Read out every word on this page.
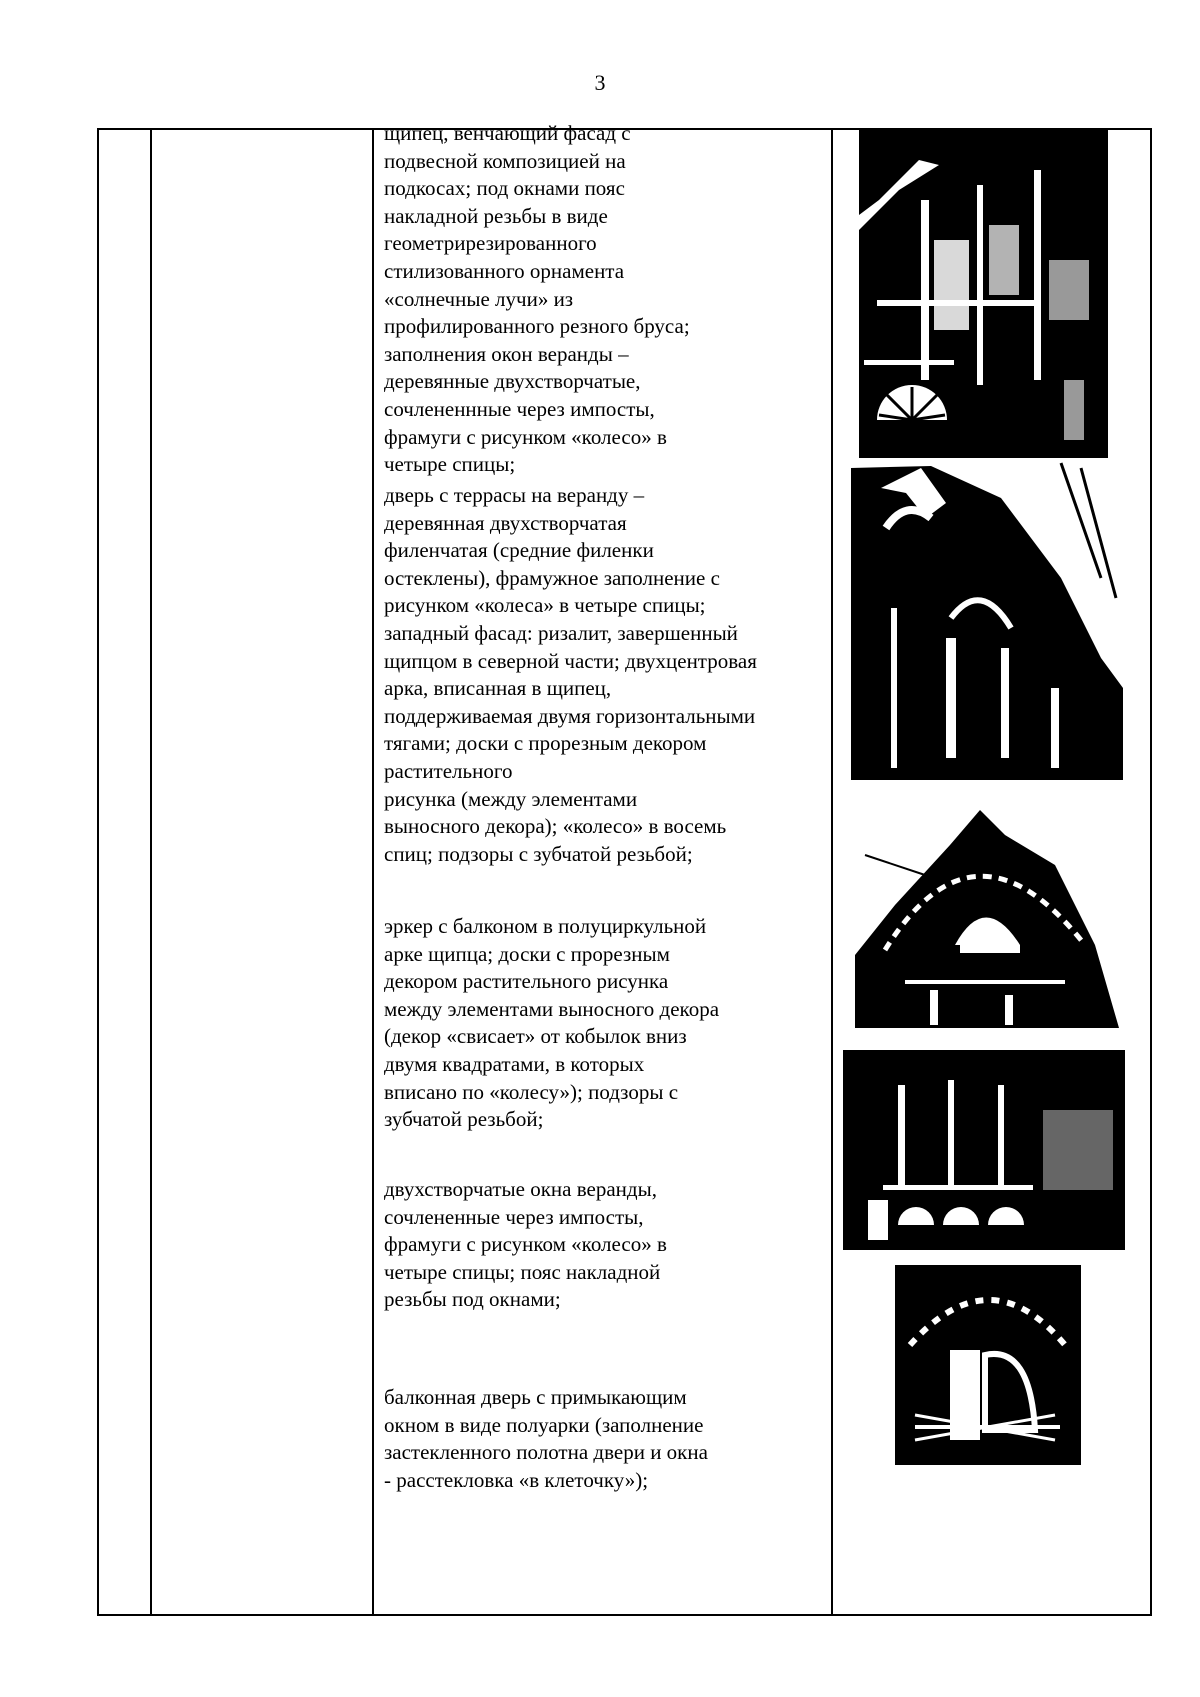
3

щипец, венчающий фасад с
подвесной композицией на
подкосах; под окнами пояс
накладной резьбы в виде
геометрирезированного
стилизованного орнамента
«солнечные лучи» из
профилированного резного бруса;
заполнения окон веранды –
деревянные двухстворчатые,
сочлененнные через импосты,
фрамуги с рисунком «колесо» в
четыре спицы;
дверь с террасы на веранду –
деревянная двухстворчатая
филенчатая (средние филенки
остеклены), фрамужное заполнение с
рисунком «колеса» в четыре спицы;
западный фасад: ризалит, завершенный
щипцом в северной части; двухцентровая
арка, вписанная в щипец,
поддерживаемая двумя горизонтальными
тягами; доски с прорезным декором
растительного
рисунка (между элементами
выносного декора); «колесо» в восемь
спиц; подзоры с зубчатой резьбой;
эркер с балконом в полуциркульной
арке щипца; доски с прорезным
декором растительного рисунка
между элементами выносного декора
(декор «свисает» от кобылок вниз
двумя квадратами, в которых
вписано по «колесу»); подзоры с
зубчатой резьбой;
двухстворчатые окна веранды,
сочлененные через импосты,
фрамуги с рисунком «колесо» в
четыре спицы; пояс накладной
резьбы под окнами;
балконная дверь с примыкающим
окном в виде полуарки (заполнение
застекленного полотна двери и окна
- расстекловка «в клеточку»);
